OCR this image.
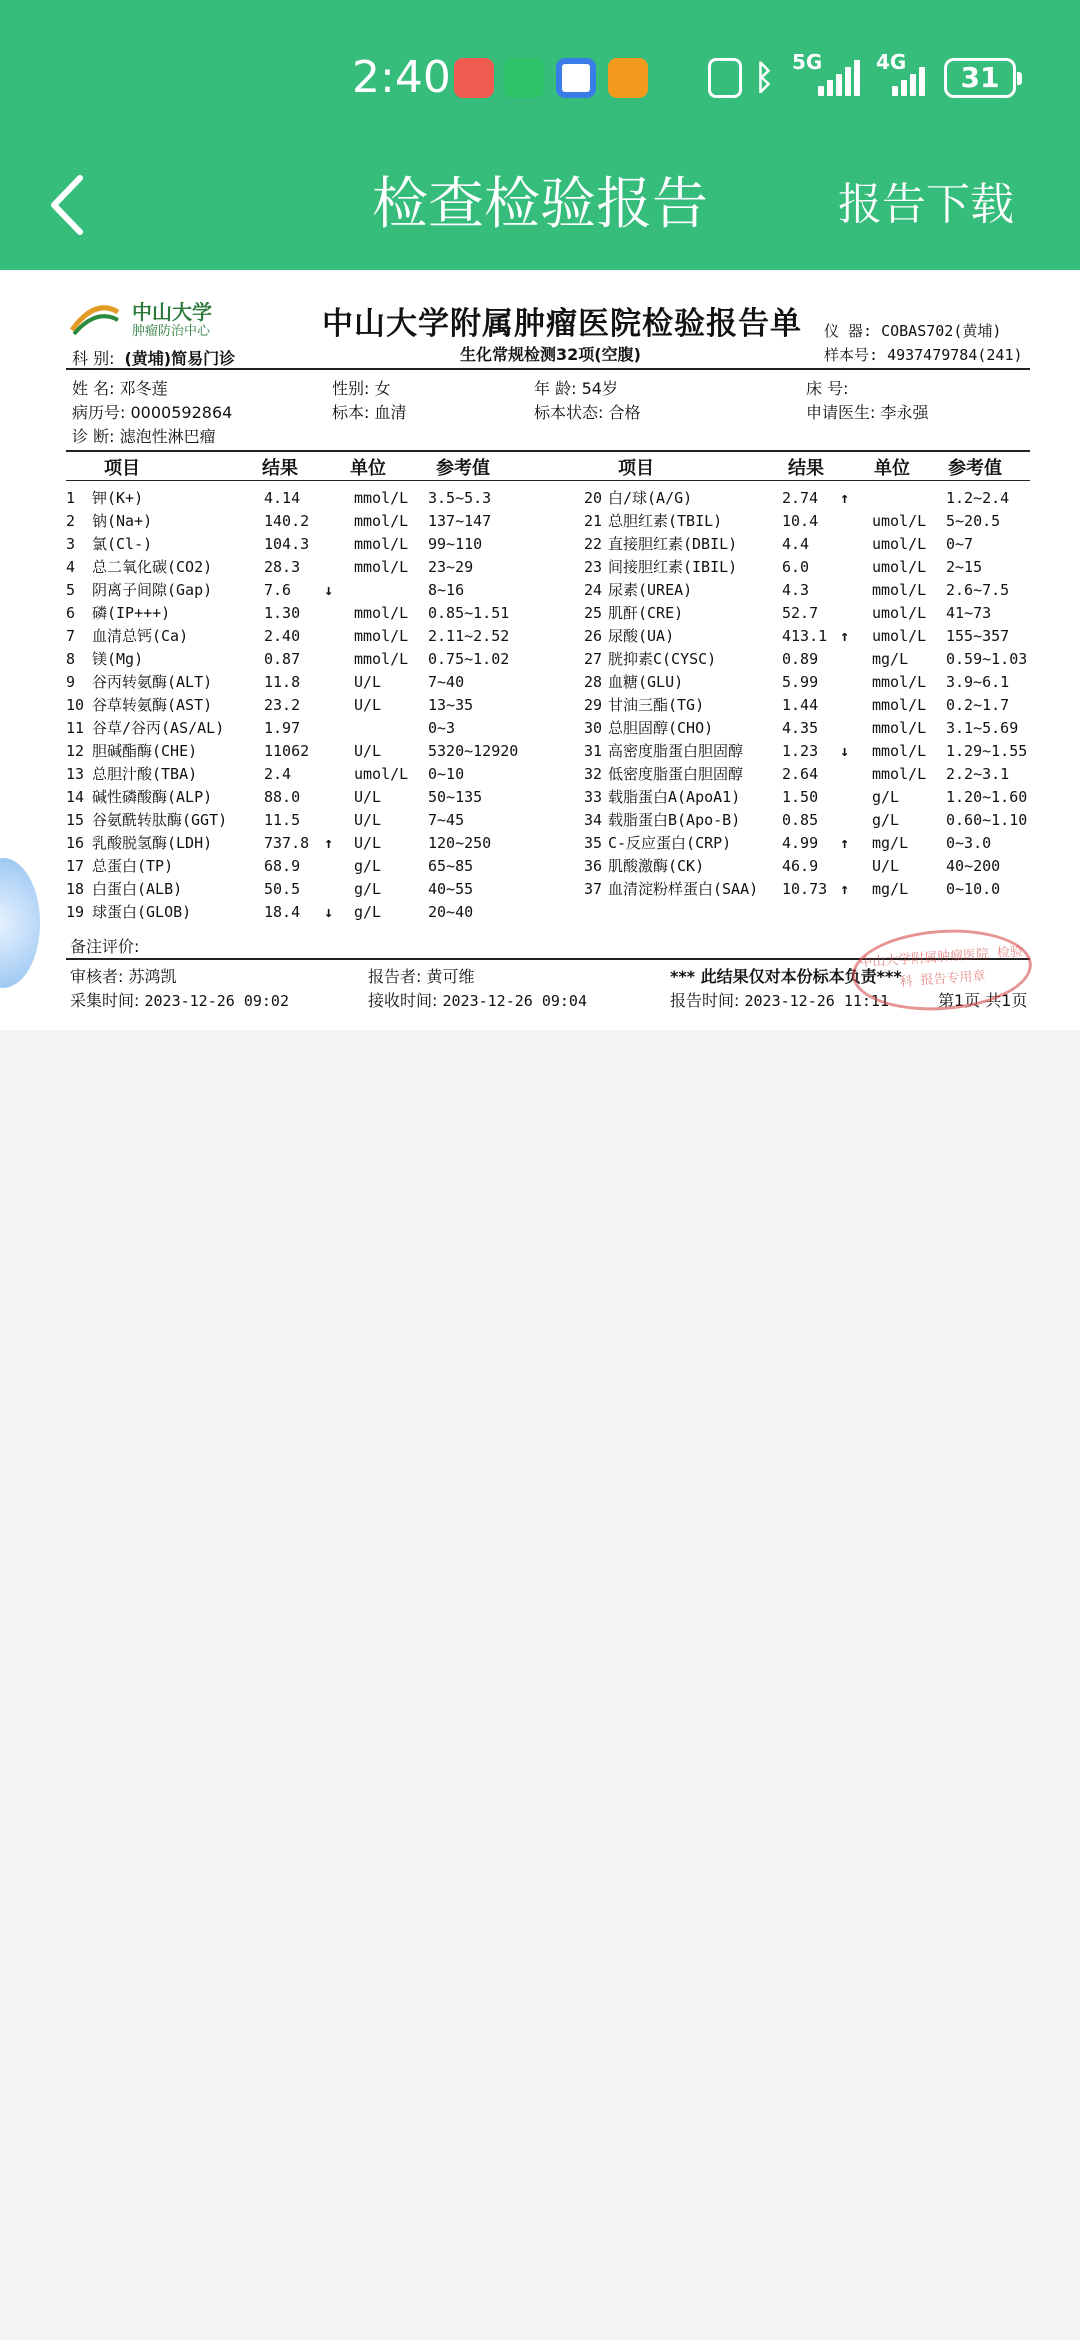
2:40	ᛒ 5G	4G	31
检查检验报告	报告下载
中山大学
肿瘤防治中心	中山大学附属肿瘤医院检验报告单
生化常规检测32项(空腹)
仪 器: COBAS702(黄埔)
样本号: 4937479784(241)
科 别: (黄埔)简易门诊
姓 名: 邓冬莲	性别: 女	年 龄: 54岁	床 号:
病历号: 0000592864	标本: 血清	标本状态: 合格	申请医生: 李永强
诊 断: 滤泡性淋巴瘤
项目	结果	单位	参考值	项目	结果	单位 参考值
1 钾(K+)	4.14	mmol/L 3.5~5.3
2 钠(Na+)	140.2	mmol/L 137~147
3 氯(Cl-)	104.3	mmol/L 99~110
4 总二氧化碳(CO2)	28.3	mmol/L 23~29
5 阴离子间隙(Gap)	7.6 ↓	8~16
6 磷(IP+++)	1.30	mmol/L 0.85~1.51
7 血清总钙(Ca)	2.40	mmol/L 2.11~2.52
8 镁(Mg)	0.87	mmol/L 0.75~1.02
9 谷丙转氨酶(ALT)	11.8	U/L	7~40
10 谷草转氨酶(AST)	23.2	U/L	13~35
11 谷草/谷丙(AS/AL)	1.97	0~3
12 胆碱酯酶(CHE)	11062	U/L	5320~12920
13 总胆汁酸(TBA)	2.4	umol/L 0~10
14 碱性磷酸酶(ALP)	88.0	U/L	50~135
15 谷氨酰转肽酶(GGT) 11.5	U/L	7~45
16 乳酸脱氢酶(LDH)	737.8 ↑ U/L	120~250
17 总蛋白(TP)	68.9	g/L	65~85
18 白蛋白(ALB)	50.5	g/L	40~55
19 球蛋白(GLOB)	18.4 ↓ g/L	20~40
20 白/球(A/G)	2.74 ↑	1.2~2.4
21 总胆红素(TBIL)	10.4	umol/L 5~20.5
22 直接胆红素(DBIL)	4.4	umol/L 0~7
23 间接胆红素(IBIL)	6.0	umol/L 2~15
24 尿素(UREA)	4.3	mmol/L 2.6~7.5
25 肌酐(CRE)	52.7	umol/L 41~73
26 尿酸(UA)	413.1 ↑ umol/L 155~357
27 胱抑素C(CYSC)	0.89	mg/L	0.59~1.03
28 血糖(GLU)	5.99	mmol/L 3.9~6.1
29 甘油三酯(TG)	1.44	mmol/L 0.2~1.7
30 总胆固醇(CHO)	4.35	mmol/L 3.1~5.69
31 高密度脂蛋白胆固醇	1.23 ↓ mmol/L 1.29~1.55
32 低密度脂蛋白胆固醇	2.64	mmol/L 2.2~3.1
33 载脂蛋白A(ApoA1)	1.50	g/L	1.20~1.60
34 载脂蛋白B(Apo-B)	0.85	g/L	0.60~1.10
35 C-反应蛋白(CRP)	4.99 ↑ mg/L	0~3.0
36 肌酸激酶(CK)	46.9	U/L	40~200
37 血清淀粉样蛋白(SAA) 10.73 ↑ mg/L	0~10.0
备注评价:
审核者: 苏鸿凯	报告者: 黄可维	*** 此结果仅对本份标本负责***
采集时间: 2023-12-26 09:02	接收时间: 2023-12-26 09:04	报告时间: 2023-12-26 11:11	第1页 共1页
中山大学附属肿瘤医院 检验科 报告专用章
